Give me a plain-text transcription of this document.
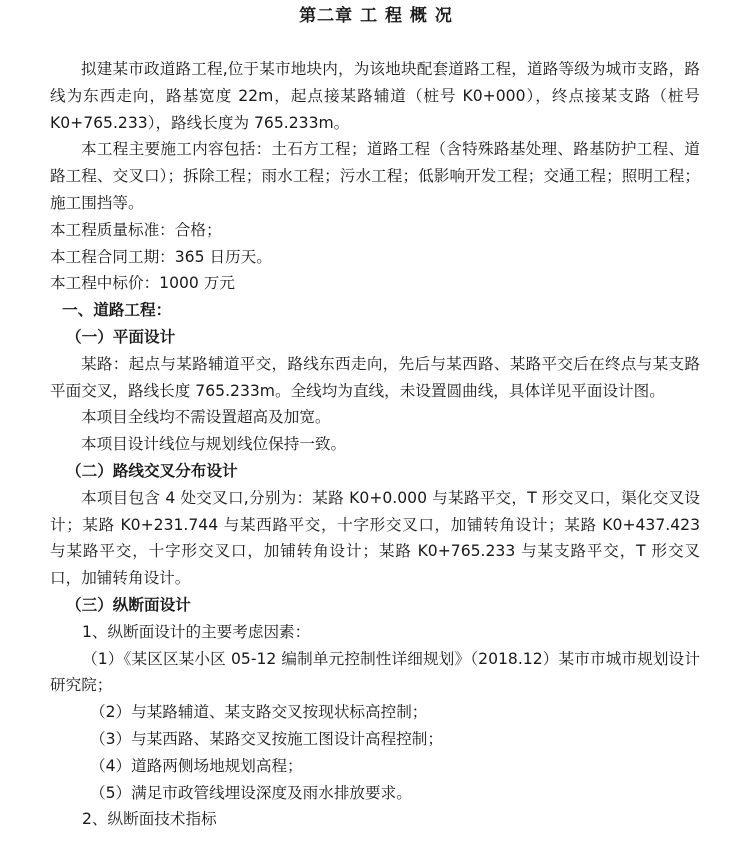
第二章 工 程 概 况

拟建某市政道路工程,位于某市地块内，为该地块配套道路工程，道路等级为城市支路，路线为东西走向，路基宽度 22m，起点接某路辅道（桩号 K0+000），终点接某支路（桩号 K0+765.233），路线长度为 765.233m。

本工程主要施工内容包括：土石方工程；道路工程（含特殊路基处理、路基防护工程、道路工程、交叉口）；拆除工程；雨水工程；污水工程；低影响开发工程；交通工程；照明工程；施工围挡等。

本工程质量标准：合格；

本工程合同工期：365 日历天。

本工程中标价：1000 万元

一、道路工程：

（一）平面设计

某路：起点与某路辅道平交，路线东西走向，先后与某西路、某路平交后在终点与某支路平面交叉，路线长度 765.233m。全线均为直线，未设置圆曲线，具体详见平面设计图。

本项目全线均不需设置超高及加宽。

本项目设计线位与规划线位保持一致。

（二）路线交叉分布设计

本项目包含 4 处交叉口,分别为：某路 K0+0.000 与某路平交，T 形交叉口，渠化交叉设计；某路 K0+231.744 与某西路平交，十字形交叉口，加铺转角设计；某路 K0+437.423 与某路平交，十字形交叉口，加铺转角设计；某路 K0+765.233 与某支路平交，T 形交叉口，加铺转角设计。

（三）纵断面设计

1、纵断面设计的主要考虑因素：

（1）《某区区某小区 05-12 编制单元控制性详细规划》（2018.12）某市市城市规划设计研究院；

（2）与某路辅道、某支路交叉按现状标高控制；

（3）与某西路、某路交叉按施工图设计高程控制；

（4）道路两侧场地规划高程；

（5）满足市政管线埋设深度及雨水排放要求。

2、纵断面技术指标
